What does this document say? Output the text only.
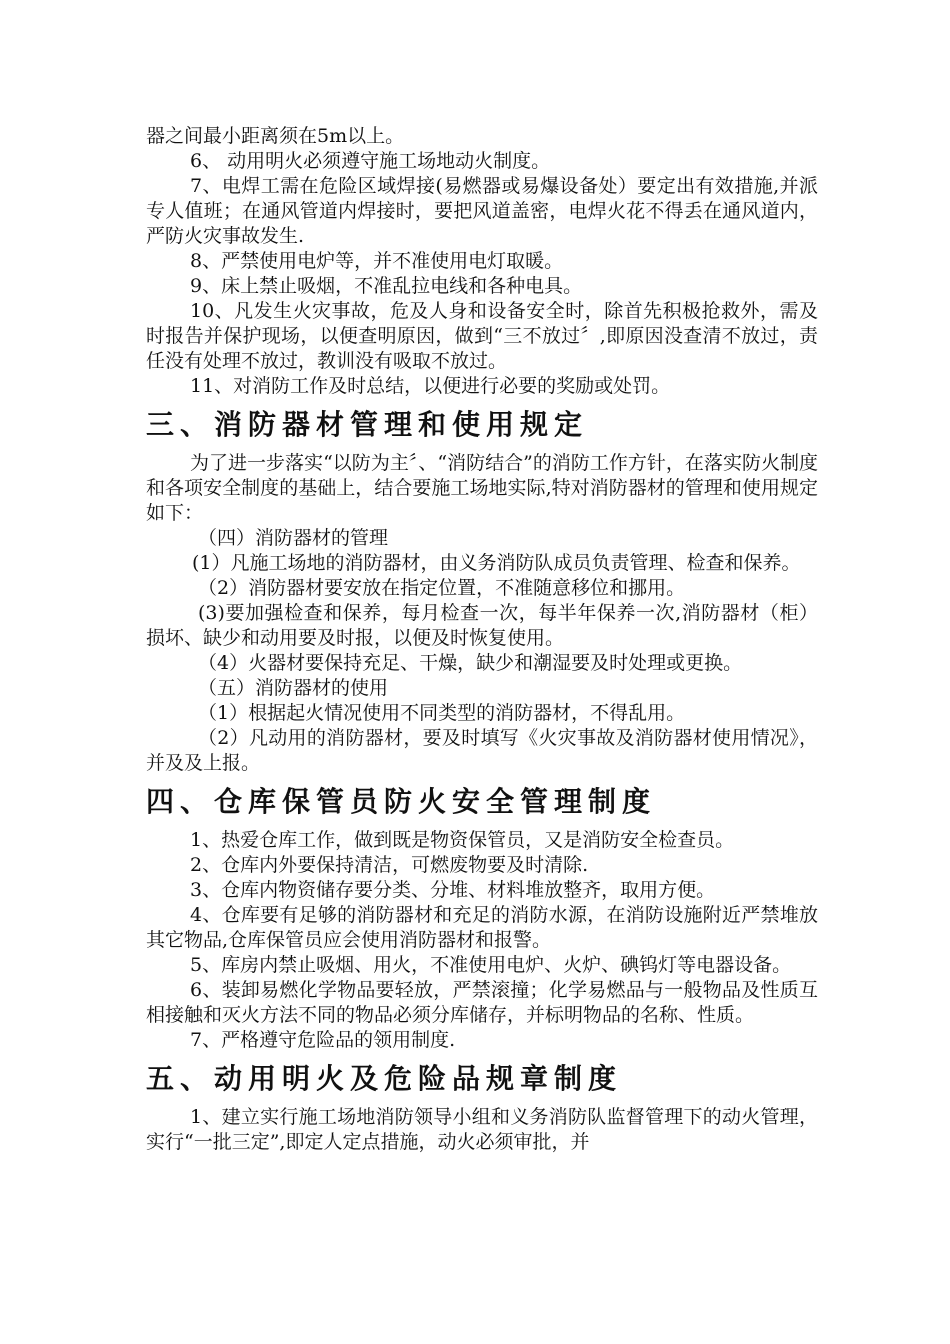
器之间最小距离须在5m以上。
6、 动用明火必须遵守施工场地动火制度。
7、电焊工需在危险区域焊接(易燃器或易爆设备处）要定出有效措施,并派专人值班；在通风管道内焊接时，要把风道盖密，电焊火花不得丢在通风道内，严防火灾事故发生.
8、严禁使用电炉等，并不准使用电灯取暖。
9、床上禁止吸烟，不准乱拉电线和各种电具。
10、凡发生火灾事故，危及人身和设备安全时，除首先积极抢救外，需及时报告并保护现场，以便查明原因，做到“三不放过〞,即原因没查清不放过，责任没有处理不放过，教训没有吸取不放过。
11、对消防工作及时总结，以便进行必要的奖励或处罚。
三、消防器材管理和使用规定
为了进一步落实“以防为主〞、“消防结合”的消防工作方针，在落实防火制度和各项安全制度的基础上，结合要施工场地实际,特对消防器材的管理和使用规定如下：
（四）消防器材的管理
(1）凡施工场地的消防器材，由义务消防队成员负责管理、检查和保养。
（2）消防器材要安放在指定位置，不准随意移位和挪用。
(3)要加强检查和保养，每月检查一次，每半年保养一次,消防器材（柜）损坏、缺少和动用要及时报，以便及时恢复使用。
（4）火器材要保持充足、干燥，缺少和潮湿要及时处理或更换。
（五）消防器材的使用
（1）根据起火情况使用不同类型的消防器材，不得乱用。
（2）凡动用的消防器材，要及时填写《火灾事故及消防器材使用情况》，并及及上报。
四、仓库保管员防火安全管理制度
1、热爱仓库工作，做到既是物资保管员，又是消防安全检查员。
2、仓库内外要保持清洁，可燃废物要及时清除.
3、仓库内物资储存要分类、分堆、材料堆放整齐，取用方便。
4、仓库要有足够的消防器材和充足的消防水源，在消防设施附近严禁堆放其它物品,仓库保管员应会使用消防器材和报警。
5、库房内禁止吸烟、用火，不准使用电炉、火炉、碘钨灯等电器设备。
6、装卸易燃化学物品要轻放，严禁滚撞；化学易燃品与一般物品及性质互相接触和灭火方法不同的物品必须分库储存，并标明物品的名称、性质。
7、严格遵守危险品的领用制度.
五、动用明火及危险品规章制度
1、建立实行施工场地消防领导小组和义务消防队监督管理下的动火管理，实行“一批三定”,即定人定点措施，动火必须审批，并
